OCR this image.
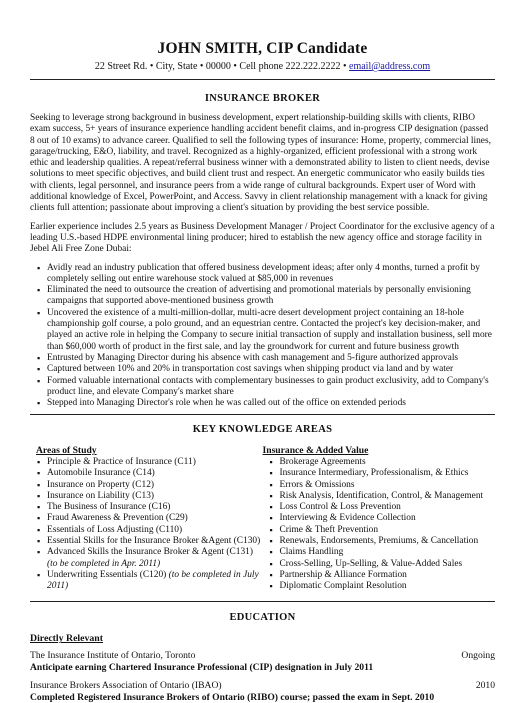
JOHN SMITH, CIP Candidate
22 Street Rd. • City, State • 00000 • Cell phone 222.222.2222 • email@address.com
INSURANCE BROKER

Seeking to leverage strong background in business development, expert relationship-building skills with clients, RIBO exam success, 5+ years of insurance experience handling accident benefit claims, and in-progress CIP designation (passed 8 out of 10 exams) to advance career. Qualified to sell the following types of insurance: Home, property, commercial lines, garage/trucking, E&O, liability, and travel. Recognized as a highly-organized, efficient professional with a strong work ethic and leadership qualities. A repeat/referral business winner with a demonstrated ability to listen to client needs, devise solutions to meet specific objectives, and build client trust and respect. An energetic communicator who easily builds ties with clients, legal personnel, and insurance peers from a wide range of cultural backgrounds. Expert user of Word with additional knowledge of Excel, PowerPoint, and Access. Savvy in client relationship management with a knack for giving clients full attention; passionate about improving a client's situation by providing the best service possible.

Earlier experience includes 2.5 years as Business Development Manager / Project Coordinator for the exclusive agency of a leading U.S.-based HDPE environmental lining producer; hired to establish the new agency office and storage facility in Jebel Ali Free Zone Dubai:

▪ Avidly read an industry publication that offered business development ideas; after only 4 months, turned a profit by completely selling out entire warehouse stock valued at $85,000 in revenues
▪ Eliminated the need to outsource the creation of advertising and promotional materials by personally envisioning campaigns that supported above-mentioned business growth
▪ Uncovered the existence of a multi-million-dollar, multi-acre desert development project containing an 18-hole championship golf course, a polo ground, and an equestrian centre. Contacted the project's key decision-maker, and played an active role in helping the Company to secure initial transaction of supply and installation business, sell more than $60,000 worth of product in the first sale, and lay the groundwork for current and future business growth
▪ Entrusted by Managing Director during his absence with cash management and 5-figure authorized approvals
▪ Captured between 10% and 20% in transportation cost savings when shipping product via land and by water
▪ Formed valuable international contacts with complementary businesses to gain product exclusivity, add to Company's product line, and elevate Company's market share
▪ Stepped into Managing Director's role when he was called out of the office on extended periods
KEY KNOWLEDGE AREAS
Areas of Study
▪ Principle & Practice of Insurance (C11)
▪ Automobile Insurance (C14)
▪ Insurance on Property (C12)
▪ Insurance on Liability (C13)
▪ The Business of Insurance (C16)
▪ Fraud Awareness & Prevention (C29)
▪ Essentials of Loss Adjusting (C110)
▪ Essential Skills for the Insurance Broker &Agent (C130)
▪ Advanced Skills the Insurance Broker & Agent (C131)
(to be completed in Apr. 2011)
▪ Underwriting Essentials (C120) (to be completed in July 2011)
Insurance & Added Value
▪ Brokerage Agreements
▪ Insurance Intermediary, Professionalism, & Ethics
▪ Errors & Omissions
▪ Risk Analysis, Identification, Control, & Management
▪ Loss Control & Loss Prevention
▪ Interviewing & Evidence Collection
▪ Crime & Theft Prevention
▪ Renewals, Endorsements, Premiums, & Cancellation
▪ Claims Handling
▪ Cross-Selling, Up-Selling, & Value-Added Sales
▪ Partnership & Alliance Formation
▪ Diplomatic Complaint Resolution
EDUCATION
Directly Relevant
The Insurance Institute of Ontario, Toronto	Ongoing
Anticipate earning Chartered Insurance Professional (CIP) designation in July 2011
Insurance Brokers Association of Ontario (IBAO)	2010
Completed Registered Insurance Brokers of Ontario (RIBO) course; passed the exam in Sept. 2010
